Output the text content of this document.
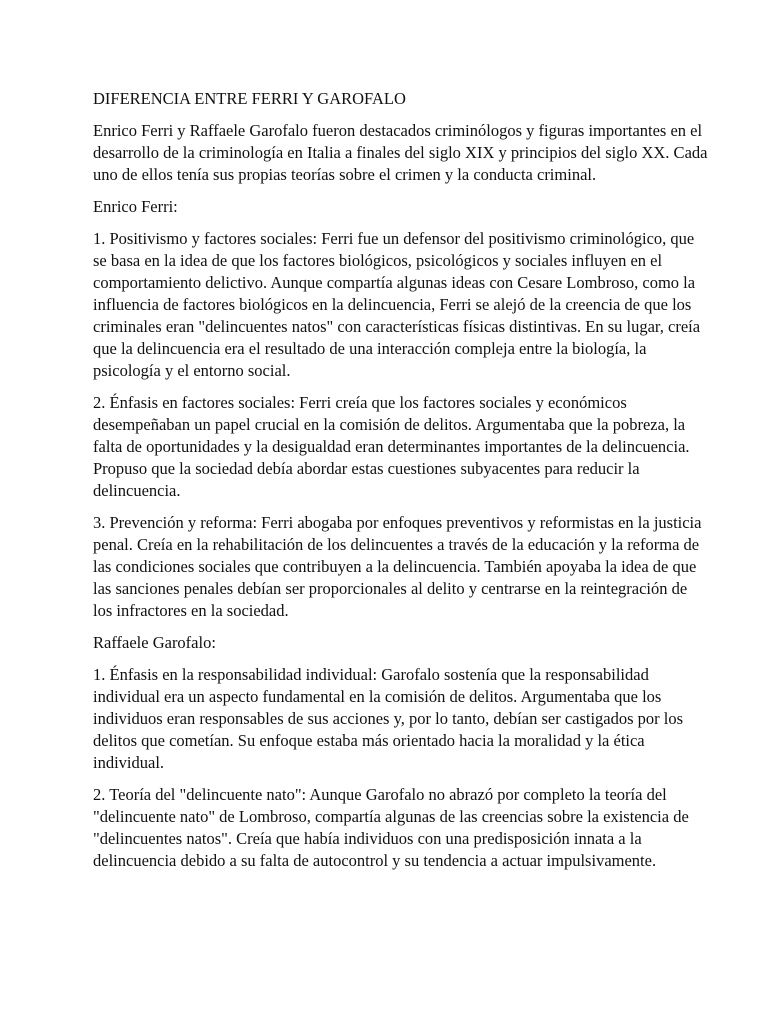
DIFERENCIA ENTRE FERRI Y GAROFALO

Enrico Ferri y Raffaele Garofalo fueron destacados criminólogos y figuras importantes en el desarrollo de la criminología en Italia a finales del siglo XIX y principios del siglo XX. Cada uno de ellos tenía sus propias teorías sobre el crimen y la conducta criminal.

Enrico Ferri:

1. Positivismo y factores sociales: Ferri fue un defensor del positivismo criminológico, que se basa en la idea de que los factores biológicos, psicológicos y sociales influyen en el comportamiento delictivo. Aunque compartía algunas ideas con Cesare Lombroso, como la influencia de factores biológicos en la delincuencia, Ferri se alejó de la creencia de que los criminales eran "delincuentes natos" con características físicas distintivas. En su lugar, creía que la delincuencia era el resultado de una interacción compleja entre la biología, la psicología y el entorno social.

2. Énfasis en factores sociales: Ferri creía que los factores sociales y económicos desempeñaban un papel crucial en la comisión de delitos. Argumentaba que la pobreza, la falta de oportunidades y la desigualdad eran determinantes importantes de la delincuencia. Propuso que la sociedad debía abordar estas cuestiones subyacentes para reducir la delincuencia.

3. Prevención y reforma: Ferri abogaba por enfoques preventivos y reformistas en la justicia penal. Creía en la rehabilitación de los delincuentes a través de la educación y la reforma de las condiciones sociales que contribuyen a la delincuencia. También apoyaba la idea de que las sanciones penales debían ser proporcionales al delito y centrarse en la reintegración de los infractores en la sociedad.

Raffaele Garofalo:

1. Énfasis en la responsabilidad individual: Garofalo sostenía que la responsabilidad individual era un aspecto fundamental en la comisión de delitos. Argumentaba que los individuos eran responsables de sus acciones y, por lo tanto, debían ser castigados por los delitos que cometían. Su enfoque estaba más orientado hacia la moralidad y la ética individual.

2. Teoría del "delincuente nato": Aunque Garofalo no abrazó por completo la teoría del "delincuente nato" de Lombroso, compartía algunas de las creencias sobre la existencia de "delincuentes natos". Creía que había individuos con una predisposición innata a la delincuencia debido a su falta de autocontrol y su tendencia a actuar impulsivamente.
